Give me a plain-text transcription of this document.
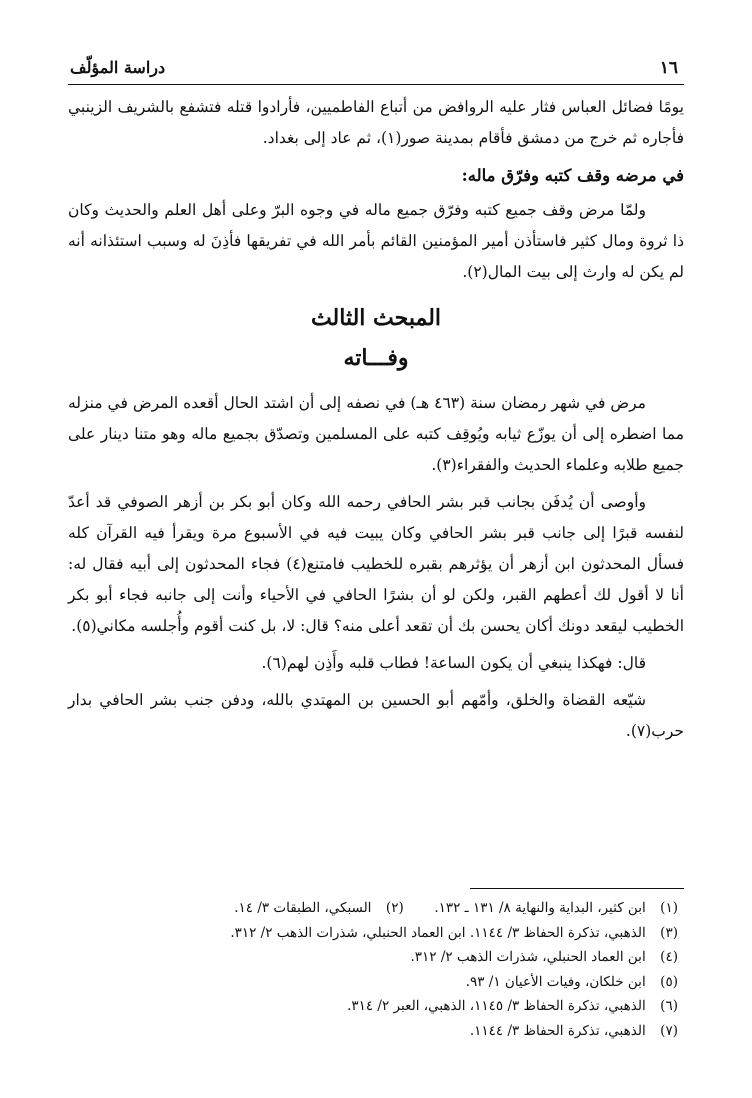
١٦
دراسة المؤلّف

يومًا فضائل العباس فثار عليه الروافض من أتباع الفاطميين، فأرادوا قتله فتشفع بالشريف الزينبي فأجاره ثم خرج من دمشق فأقام بمدينة صور(١)، ثم عاد إلى بغداد.

في مرضه وقف كتبه وفرّق ماله:

ولمّا مرض وقف جميع كتبه وفرّق جميع ماله في وجوه البرّ وعلى أهل العلم والحديث وكان ذا ثروة ومال كثير فاستأذن أمير المؤمنين القائم بأمر الله في تفريقها فأذِنَ له وسبب استئذانه أنه لم يكن له وارث إلى بيت المال(٢).

المبحث الثالث
وفـــاته

مرض في شهر رمضان سنة (٤٦٣ هـ) في نصفه إلى أن اشتد الحال أقعده المرض في منزله مما اضطره إلى أن يوزّع ثيابه ويُوقِف كتبه على المسلمين وتصدّق بجميع ماله وهو متنا دينار على جميع طلابه وعلماء الحديث والفقراء(٣).

وأوصى أن يُدفَن بجانب قبر بشر الحافي رحمه الله وكان أبو بكر بن أزهر الصوفي قد أعدّ لنفسه قبرًا إلى جانب قبر بشر الحافي وكان يبيت فيه في الأسبوع مرة ويقرأ فيه القرآن كله فسأل المحدثون ابن أزهر أن يؤثرهم بقبره للخطيب فامتنع(٤) فجاء المحدثون إلى أبيه فقال له: أنا لا أقول لك أعطهم القبر، ولكن لو أن بشرًا الحافي في الأحياء وأنت إلى جانبه فجاء أبو بكر الخطيب ليقعد دونك أكان يحسن بك أن تقعد أعلى منه؟ قال: لا، بل كنت أقوم وأُجلسه مكاني(٥).

قال: فهكذا ينبغي أن يكون الساعة! فطاب قلبه وأَذِن لهم(٦).

شيّعه القضاة والخلق، وأمّهم أبو الحسين بن المهتدي بالله، ودفن جنب بشر الحافي بدار حرب(٧).

(١) ابن كثير، البداية والنهاية ٨/ ١٣١ ـ ١٣٢.  (٢) السبكي، الطبقات ٣/ ١٤.
(٣) الذهبي، تذكرة الحفاظ ٣/ ١١٤٤. ابن العماد الحنبلي، شذرات الذهب ٢/ ٣١٢.
(٤) ابن العماد الحنبلي، شذرات الذهب ٢/ ٣١٢.
(٥) ابن خلكان، وفيات الأعيان ١/ ٩٣.
(٦) الذهبي، تذكرة الحفاظ ٣/ ١١٤٥، الذهبي، العبر ٢/ ٣١٤.
(٧) الذهبي، تذكرة الحفاظ ٣/ ١١٤٤.
